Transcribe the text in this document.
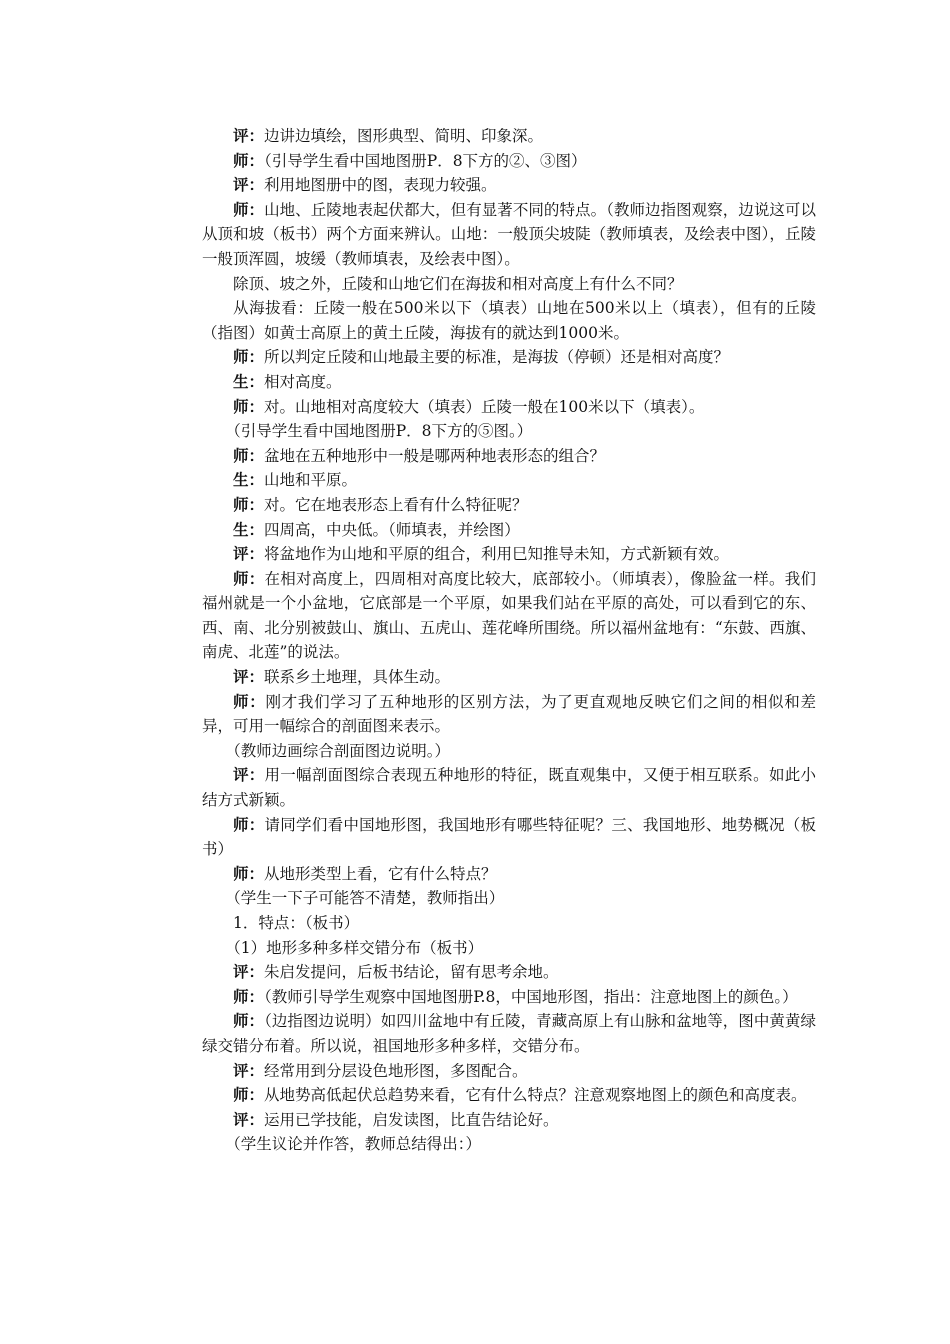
评：边讲边填绘，图形典型、简明、印象深。

师：（引导学生看中国地图册P．8下方的②、③图）

评：利用地图册中的图，表现力较强。

师：山地、丘陵地表起伏都大，但有显著不同的特点。（教师边指图观察，边说这可以从顶和坡（板书）两个方面来辨认。山地：一般顶尖坡陡（教师填表，及绘表中图），丘陵一般顶浑圆，坡缓（教师填表，及绘表中图）。

除顶、坡之外，丘陵和山地它们在海拔和相对高度上有什么不同？

从海拔看：丘陵一般在500米以下（填表）山地在500米以上（填表），但有的丘陵（指图）如黄士高原上的黄土丘陵，海拔有的就达到1000米。

师：所以判定丘陵和山地最主要的标准，是海拔（停顿）还是相对高度？

生：相对高度。

师：对。山地相对高度较大（填表）丘陵一般在100米以下（填表）。

（引导学生看中国地图册P．8下方的⑤图。）

师：盆地在五种地形中一般是哪两种地表形态的组合？

生：山地和平原。

师：对。它在地表形态上看有什么特征呢？

生：四周高，中央低。（师填表，并绘图）

评：将盆地作为山地和平原的组合，利用巳知推导未知，方式新颖有效。

师：在相对高度上，四周相对高度比较大，底部较小。（师填表），像脸盆一样。我们福州就是一个小盆地，它底部是一个平原，如果我们站在平原的高处，可以看到它的东、西、南、北分别被鼓山、旗山、五虎山、莲花峰所围绕。所以福州盆地有：“东鼓、西旗、南虎、北莲”的说法。

评：联系乡土地理，具体生动。

师：刚才我们学习了五种地形的区别方法，为了更直观地反映它们之间的相似和差异，可用一幅综合的剖面图来表示。

（教师边画综合剖面图边说明。）

评：用一幅剖面图综合表现五种地形的特征，既直观集中，又便于相互联系。如此小结方式新颖。

师：请同学们看中国地形图，我国地形有哪些特征呢？三、我国地形、地势概况（板书）

师：从地形类型上看，它有什么特点？

（学生一下子可能答不清楚，教师指出）

1．特点：（板书）

（1）地形多种多样交错分布（板书）

评：朱启发提问，后板书结论，留有思考余地。

师：（教师引导学生观察中国地图册P.8，中国地形图，指出：注意地图上的颜色。）

师：（边指图边说明）如四川盆地中有丘陵，青藏高原上有山脉和盆地等，图中黄黄绿绿交错分布着。所以说，祖国地形多种多样，交错分布。

评：经常用到分层设色地形图，多图配合。

师：从地势高低起伏总趋势来看，它有什么特点？注意观察地图上的颜色和高度表。

评：运用已学技能，启发读图，比直告结论好。

（学生议论并作答，教师总结得出：）
